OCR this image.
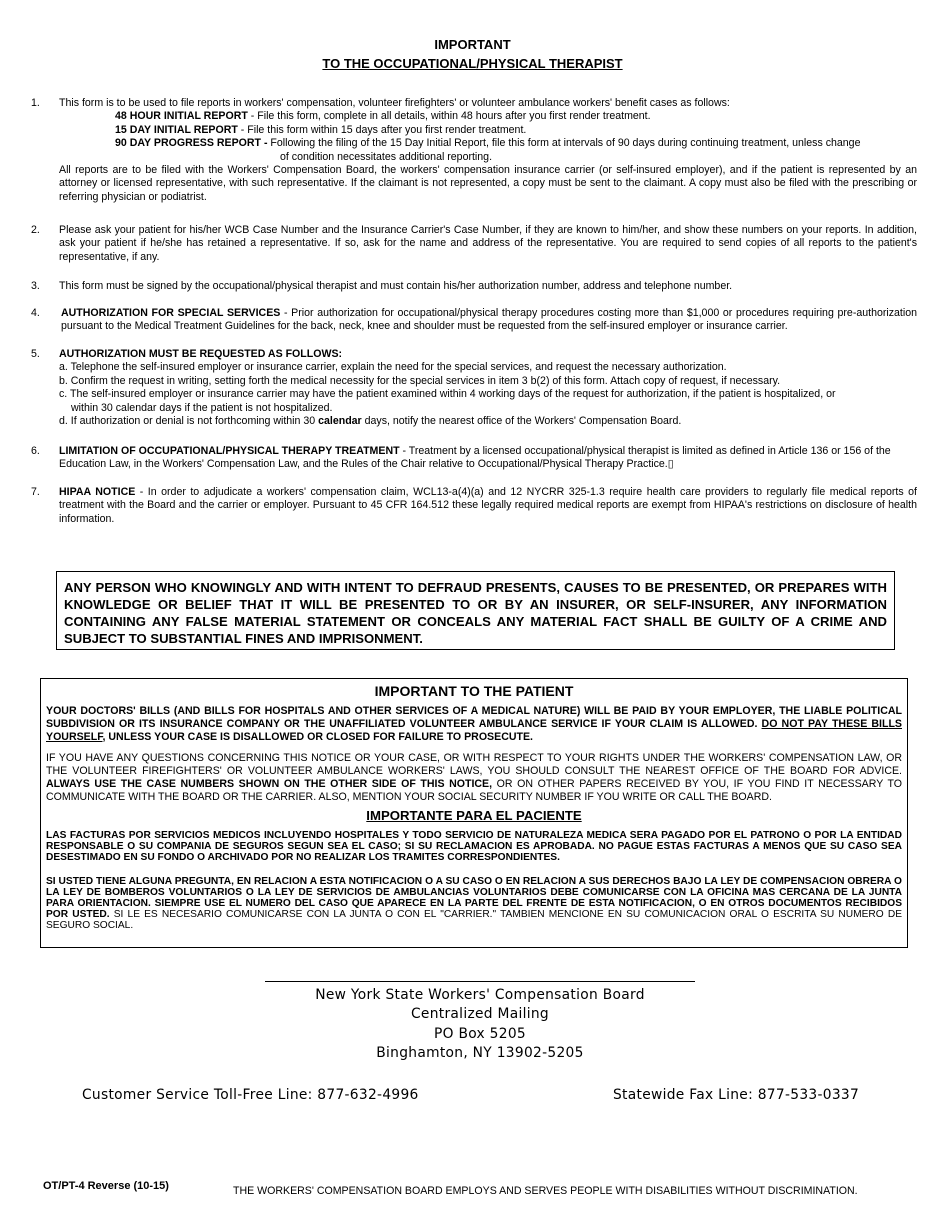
IMPORTANT
TO THE OCCUPATIONAL/PHYSICAL THERAPIST
1. This form is to be used to file reports in workers' compensation, volunteer firefighters' or volunteer ambulance workers' benefit cases as follows:
48 HOUR INITIAL REPORT - File this form, complete in all details, within 48 hours after you first render treatment.
15 DAY INITIAL REPORT - File this form within 15 days after you first render treatment.
90 DAY PROGRESS REPORT - Following the filing of the 15 Day Initial Report, file this form at intervals of 90 days during continuing treatment, unless change
of condition necessitates additional reporting.
All reports are to be filed with the Workers' Compensation Board, the workers' compensation insurance carrier (or self-insured employer), and if the patient is represented by an attorney or licensed representative, with such representative. If the claimant is not represented, a copy must be sent to the claimant. A copy must also be filed with the prescribing or referring physician or podiatrist.
2. Please ask your patient for his/her WCB Case Number and the Insurance Carrier's Case Number, if they are known to him/her, and show these numbers on your reports. In addition, ask your patient if he/she has retained a representative. If so, ask for the name and address of the representative. You are required to send copies of all reports to the patient's representative, if any.
3. This form must be signed by the occupational/physical therapist and must contain his/her authorization number, address and telephone number.
4. AUTHORIZATION FOR SPECIAL SERVICES - Prior authorization for occupational/physical therapy procedures costing more than $1,000 or procedures requiring pre-authorization pursuant to the Medical Treatment Guidelines for the back, neck, knee and shoulder must be requested from the self-insured employer or insurance carrier.
5. AUTHORIZATION MUST BE REQUESTED AS FOLLOWS:
a. Telephone the self-insured employer or insurance carrier, explain the need for the special services, and request the necessary authorization.
b. Confirm the request in writing, setting forth the medical necessity for the special services in item 3 b(2) of this form. Attach copy of request, if necessary.
c. The self-insured employer or insurance carrier may have the patient examined within 4 working days of the request for authorization, if the patient is hospitalized, or
within 30 calendar days if the patient is not hospitalized.
d. If authorization or denial is not forthcoming within 30 calendar days, notify the nearest office of the Workers' Compensation Board.
6. LIMITATION OF OCCUPATIONAL/PHYSICAL THERAPY TREATMENT - Treatment by a licensed occupational/physical therapist is limited as defined in Article 136 or 156 of the Education Law, in the Workers' Compensation Law, and the Rules of the Chair relative to Occupational/Physical Therapy Practice.▯
7. HIPAA NOTICE - In order to adjudicate a workers' compensation claim, WCL13-a(4)(a) and 12 NYCRR 325-1.3 require health care providers to regularly file medical reports of treatment with the Board and the carrier or employer. Pursuant to 45 CFR 164.512 these legally required medical reports are exempt from HIPAA's restrictions on disclosure of health information.
ANY PERSON WHO KNOWINGLY AND WITH INTENT TO DEFRAUD PRESENTS, CAUSES TO BE PRESENTED, OR PREPARES WITH KNOWLEDGE OR BELIEF THAT IT WILL BE PRESENTED TO OR BY AN INSURER, OR SELF-INSURER, ANY INFORMATION CONTAINING ANY FALSE MATERIAL STATEMENT OR CONCEALS ANY MATERIAL FACT SHALL BE GUILTY OF A CRIME AND SUBJECT TO SUBSTANTIAL FINES AND IMPRISONMENT.
IMPORTANT TO THE PATIENT
YOUR DOCTORS' BILLS (AND BILLS FOR HOSPITALS AND OTHER SERVICES OF A MEDICAL NATURE) WILL BE PAID BY YOUR EMPLOYER, THE LIABLE POLITICAL SUBDIVISION OR ITS INSURANCE COMPANY OR THE UNAFFILIATED VOLUNTEER AMBULANCE SERVICE IF YOUR CLAIM IS ALLOWED. DO NOT PAY THESE BILLS YOURSELF, UNLESS YOUR CASE IS DISALLOWED OR CLOSED FOR FAILURE TO PROSECUTE.
IF YOU HAVE ANY QUESTIONS CONCERNING THIS NOTICE OR YOUR CASE, OR WITH RESPECT TO YOUR RIGHTS UNDER THE WORKERS' COMPENSATION LAW, OR THE VOLUNTEER FIREFIGHTERS' OR VOLUNTEER AMBULANCE WORKERS' LAWS, YOU SHOULD CONSULT THE NEAREST OFFICE OF THE BOARD FOR ADVICE. ALWAYS USE THE CASE NUMBERS SHOWN ON THE OTHER SIDE OF THIS NOTICE, OR ON OTHER PAPERS RECEIVED BY YOU, IF YOU FIND IT NECESSARY TO COMMUNICATE WITH THE BOARD OR THE CARRIER. ALSO, MENTION YOUR SOCIAL SECURITY NUMBER IF YOU WRITE OR CALL THE BOARD.
IMPORTANTE PARA EL PACIENTE
LAS FACTURAS POR SERVICIOS MEDICOS INCLUYENDO HOSPITALES Y TODO SERVICIO DE NATURALEZA MEDICA SERA PAGADO POR EL PATRONO O POR LA ENTIDAD RESPONSABLE O SU COMPANIA DE SEGUROS SEGUN SEA EL CASO; SI SU RECLAMACION ES APROBADA. NO PAGUE ESTAS FACTURAS A MENOS QUE SU CASO SEA DESESTIMADO EN SU FONDO O ARCHIVADO POR NO REALIZAR LOS TRAMITES CORRESPONDIENTES.
SI USTED TIENE ALGUNA PREGUNTA, EN RELACION A ESTA NOTIFICACION O A SU CASO O EN RELACION A SUS DERECHOS BAJO LA LEY DE COMPENSACION OBRERA O LA LEY DE BOMBEROS VOLUNTARIOS O LA LEY DE SERVICIOS DE AMBULANCIAS VOLUNTARIOS DEBE COMUNICARSE CON LA OFICINA MAS CERCANA DE LA JUNTA PARA ORIENTACION. SIEMPRE USE EL NUMERO DEL CASO QUE APARECE EN LA PARTE DEL FRENTE DE ESTA NOTIFICACION, O EN OTROS DOCUMENTOS RECIBIDOS POR USTED. SI LE ES NECESARIO COMUNICARSE CON LA JUNTA O CON EL "CARRIER." TAMBIEN MENCIONE EN SU COMUNICACION ORAL O ESCRITA SU NUMERO DE SEGURO SOCIAL.
New York State Workers' Compensation Board
Centralized Mailing
PO Box 5205
Binghamton, NY 13902-5205
Customer Service Toll-Free Line: 877-632-4996	Statewide Fax Line: 877-533-0337
OT/PT-4 Reverse (10-15)	THE WORKERS' COMPENSATION BOARD EMPLOYS AND SERVES PEOPLE WITH DISABILITIES WITHOUT DISCRIMINATION.
